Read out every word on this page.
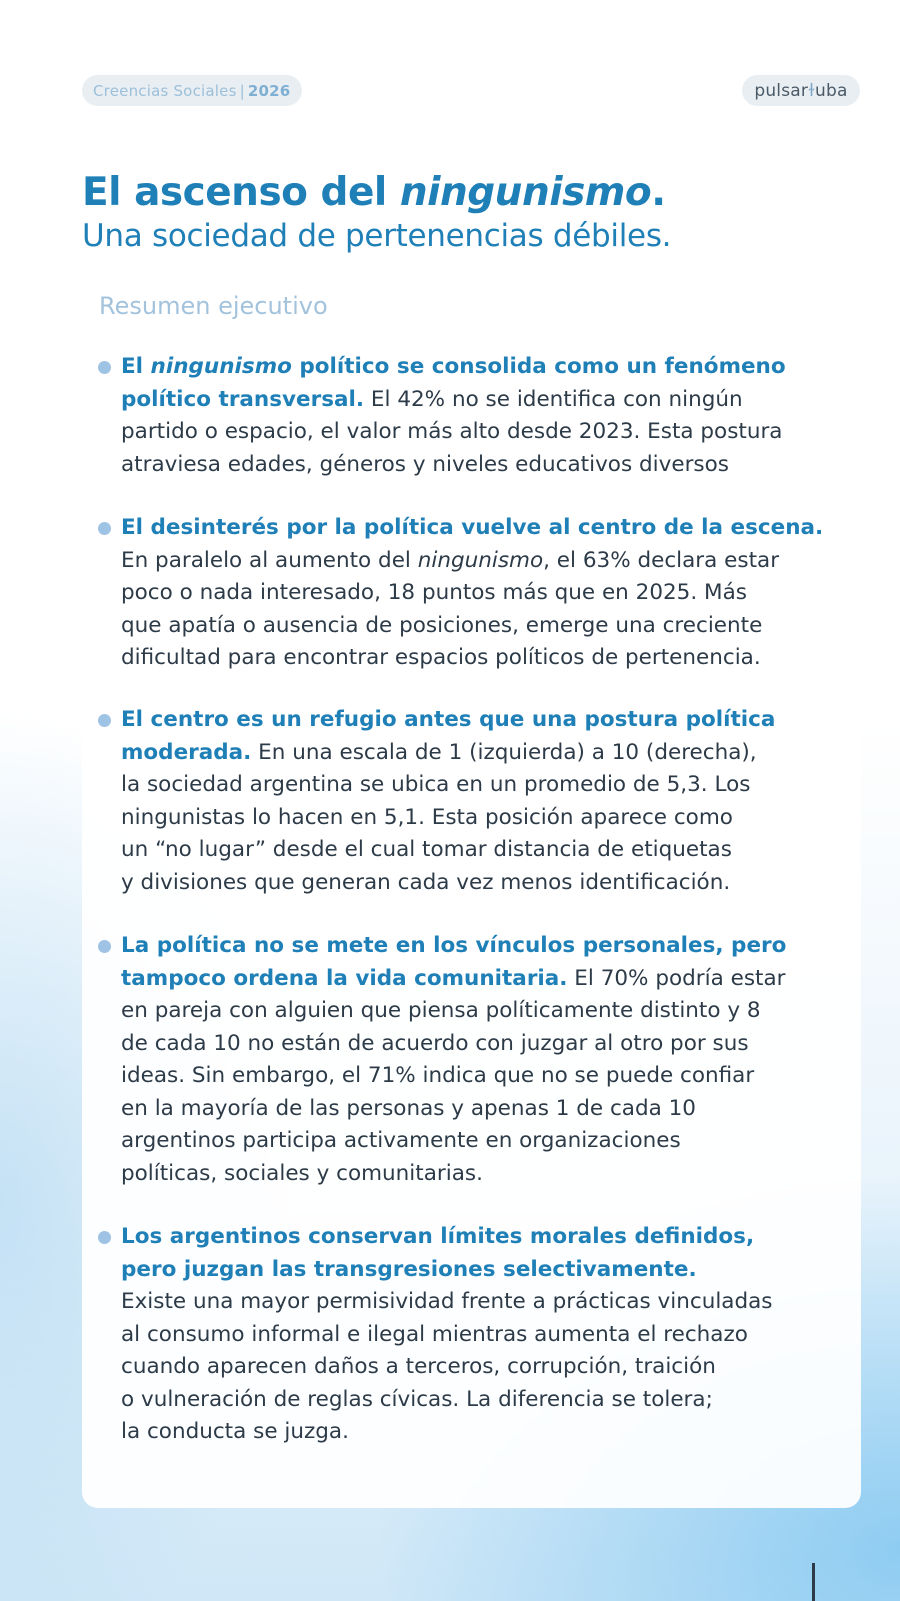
Creencias Sociales | 2026	pulsar ɫ uba
El ascenso del ningunismo.
Una sociedad de pertenencias débiles.
Resumen ejecutivo
El ningunismo político se consolida como un fenómeno
político transversal. El 42% no se identifica con ningún
partido o espacio, el valor más alto desde 2023. Esta postura
atraviesa edades, géneros y niveles educativos diversos
El desinterés por la política vuelve al centro de la escena.
En paralelo al aumento del ningunismo, el 63% declara estar
poco o nada interesado, 18 puntos más que en 2025. Más
que apatía o ausencia de posiciones, emerge una creciente
dificultad para encontrar espacios políticos de pertenencia.
El centro es un refugio antes que una postura política
moderada. En una escala de 1 (izquierda) a 10 (derecha),
la sociedad argentina se ubica en un promedio de 5,3. Los
ningunistas lo hacen en 5,1. Esta posición aparece como
un “no lugar” desde el cual tomar distancia de etiquetas
y divisiones que generan cada vez menos identificación.
La política no se mete en los vínculos personales, pero
tampoco ordena la vida comunitaria. El 70% podría estar
en pareja con alguien que piensa políticamente distinto y 8
de cada 10 no están de acuerdo con juzgar al otro por sus
ideas. Sin embargo, el 71% indica que no se puede confiar
en la mayoría de las personas y apenas 1 de cada 10
argentinos participa activamente en organizaciones
políticas, sociales y comunitarias.
Los argentinos conservan límites morales definidos,
pero juzgan las transgresiones selectivamente.
Existe una mayor permisividad frente a prácticas vinculadas
al consumo informal e ilegal mientras aumenta el rechazo
cuando aparecen daños a terceros, corrupción, traición
o vulneración de reglas cívicas. La diferencia se tolera;
la conducta se juzga.
